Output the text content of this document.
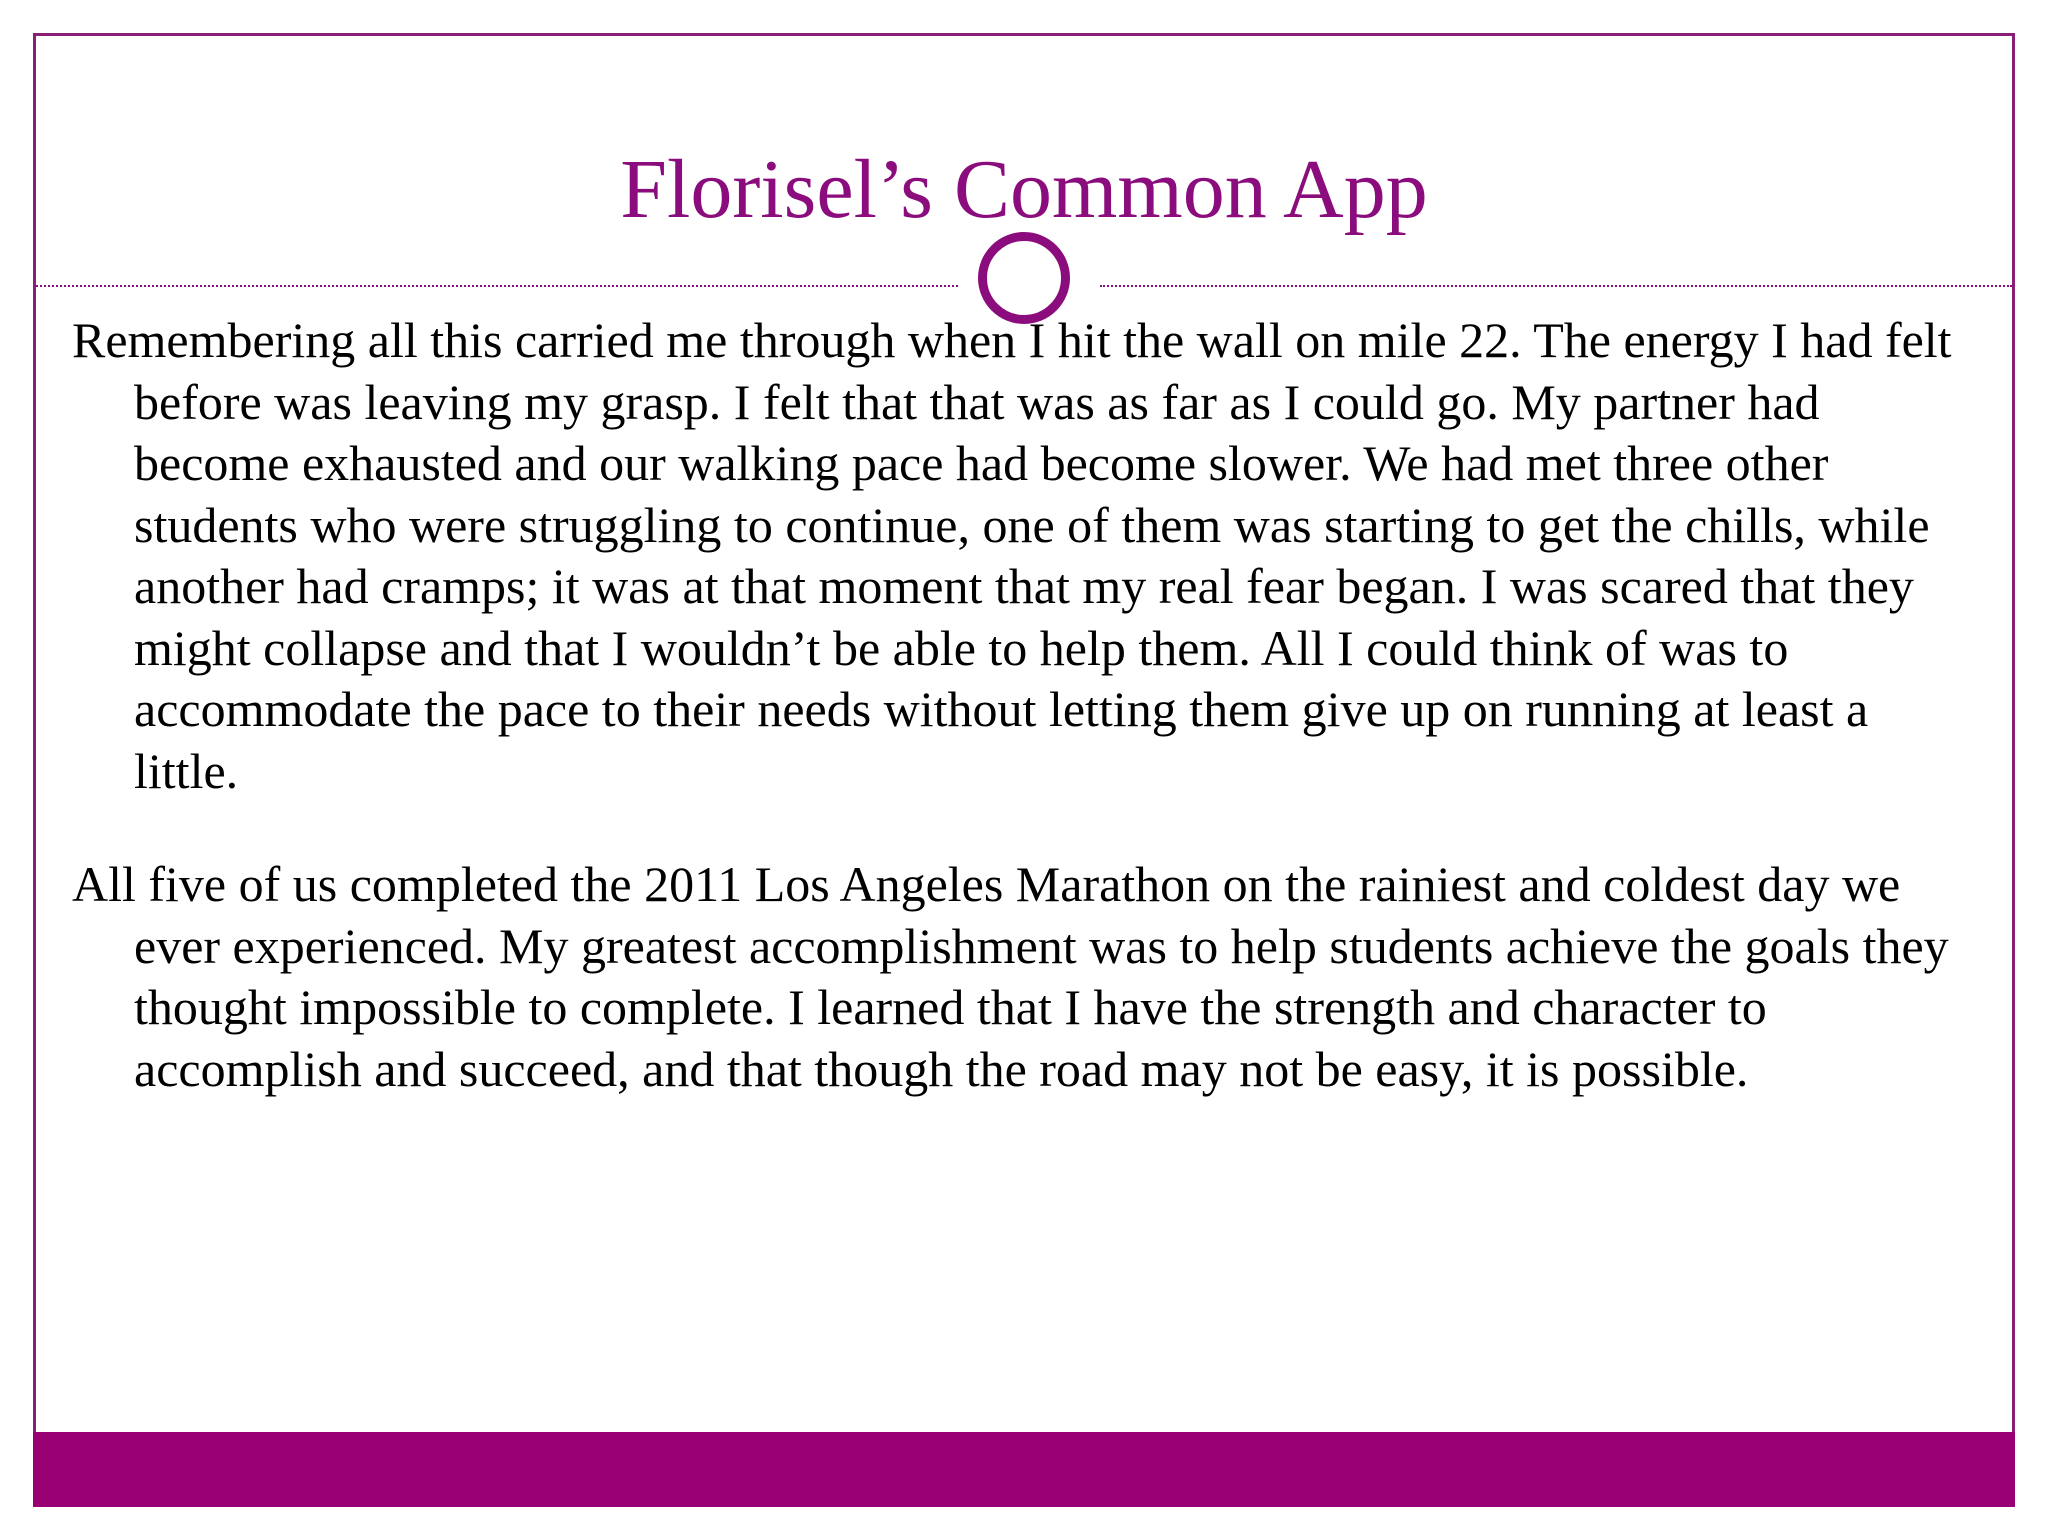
Florisel’s Common App

Remembering all this carried me through when I hit the wall on mile 22. The energy I had felt before was leaving my grasp. I felt that that was as far as I could go. My partner had become exhausted and our walking pace had become slower. We had met three other students who were struggling to continue, one of them was starting to get the chills, while another had cramps; it was at that moment that my real fear began. I was scared that they might collapse and that I wouldn’t be able to help them. All I could think of was to accommodate the pace to their needs without letting them give up on running at least a little.

All five of us completed the 2011 Los Angeles Marathon on the rainiest and coldest day we ever experienced. My greatest accomplishment was to help students achieve the goals they thought impossible to complete. I learned that I have the strength and character to accomplish and succeed, and that though the road may not be easy, it is possible.
